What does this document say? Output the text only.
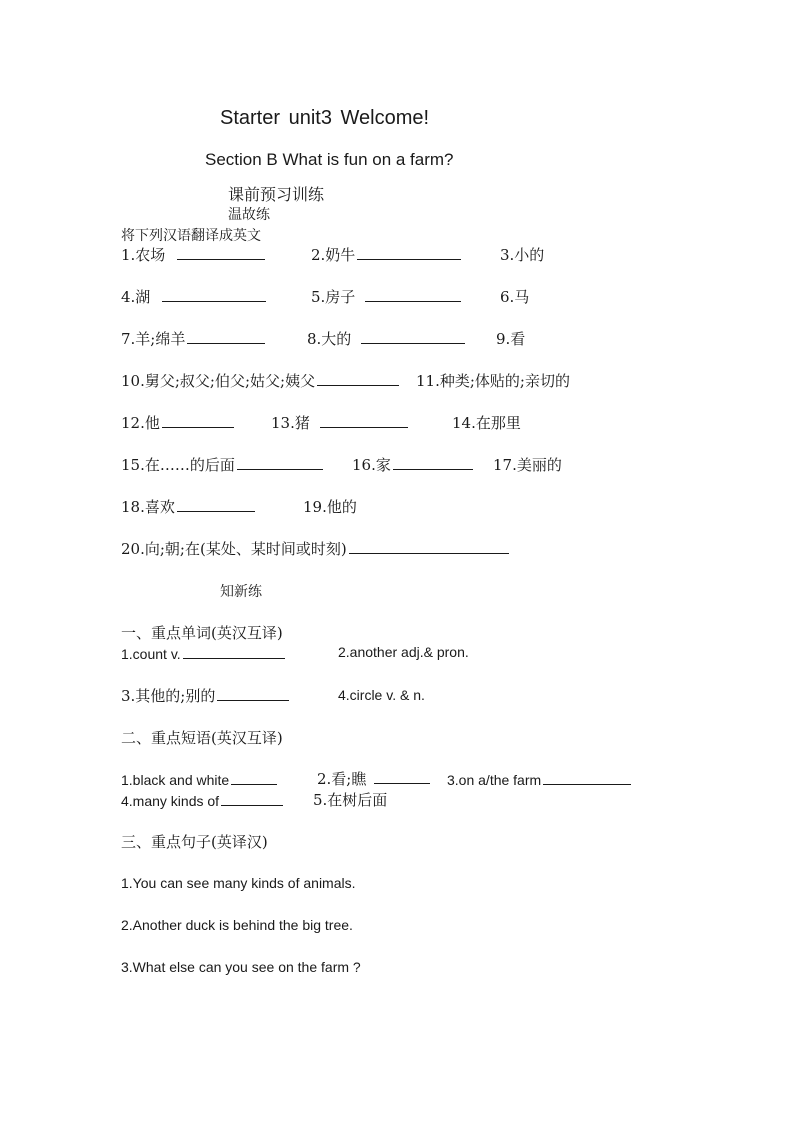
Starter unit3 Welcome!
Section B What is fun on a farm?
课前预习训练
温故练
将下列汉语翻译成英文
1.农场	2.奶牛	3.小的
4.湖	5.房子	6.马
7.羊;绵羊	8.大的	9.看
10.舅父;叔父;伯父;姑父;姨父	11.种类;体贴的;亲切的
12.他	13.猪	14.在那里
15.在……的后面	16.家	17.美丽的
18.喜欢	19.他的
20.向;朝;在(某处、某时间或时刻)
知新练
一、重点单词(英汉互译)
1.count v.	2.another adj.& pron.
3.其他的;别的	4.circle v. & n.
二、重点短语(英汉互译)
1.black and white	2.看;瞧	3.on a/the farm
4.many kinds of	5.在树后面
三、重点句子(英译汉)
1.You can see many kinds of animals.
2.Another duck is behind the big tree.
3.What else can you see on the farm ?
